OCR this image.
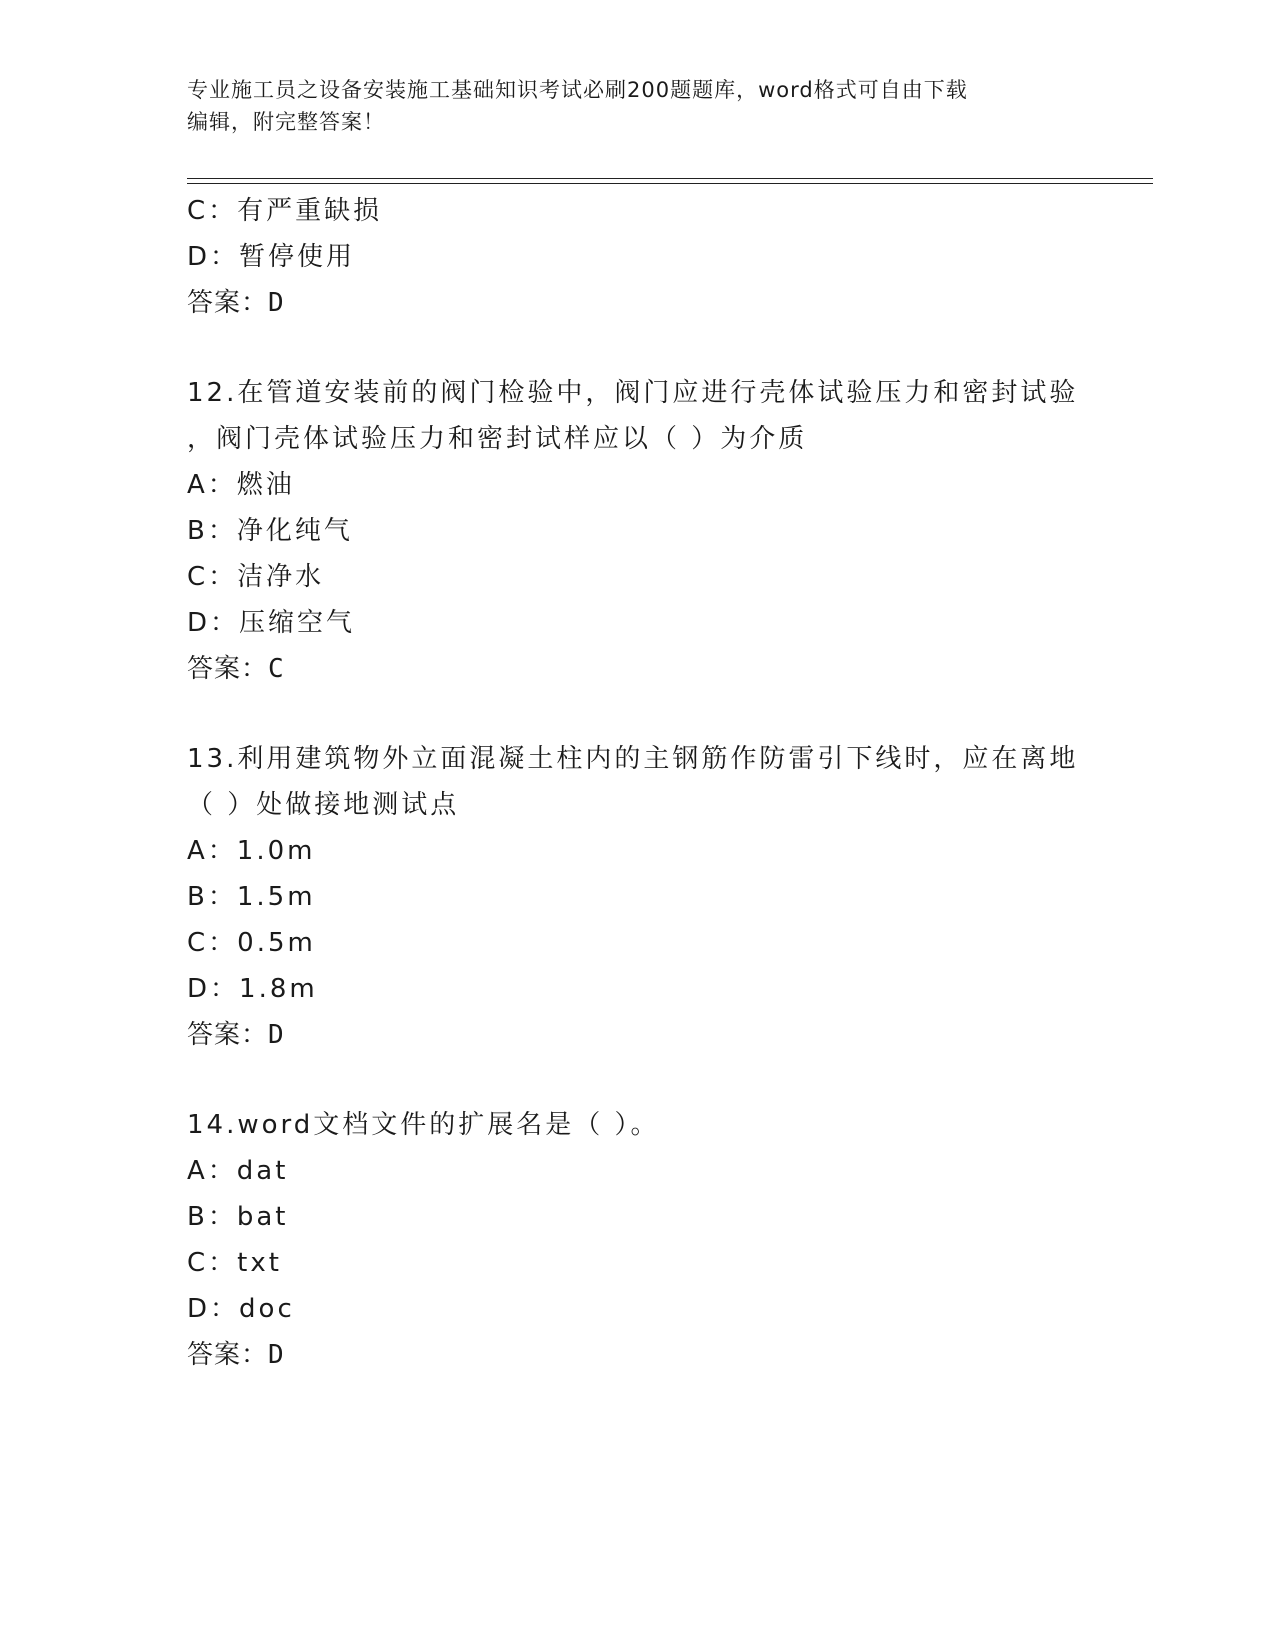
专业施工员之设备安装施工基础知识考试必刷200题题库，word格式可自由下载
编辑，附完整答案！
C：有严重缺损
D：暂停使用
答案：D
12.在管道安装前的阀门检验中，阀门应进行壳体试验压力和密封试验
，阀门壳体试验压力和密封试样应以（ ）为介质
A：燃油
B：净化纯气
C：洁净水
D：压缩空气
答案：C
13.利用建筑物外立面混凝土柱内的主钢筋作防雷引下线时，应在离地
（ ）处做接地测试点
A：1.0m
B：1.5m
C：0.5m
D：1.8m
答案：D
14.word文档文件的扩展名是（ ）。
A：dat
B：bat
C：txt
D：doc
答案：D
